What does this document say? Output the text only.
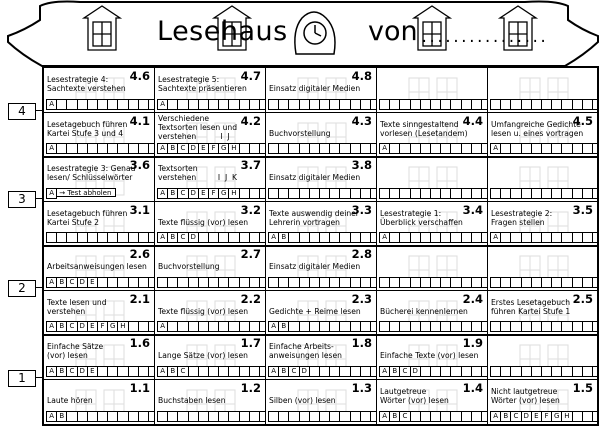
Lesehaus	von ................
4
3
2
1
4.6
Lesestrategie 4:
Sachtexte verstehen
A
4.7
Lesestrategie 5:
Sachtexte präsentieren
A
4.8
Einsatz digitaler Medien
4.1
Lesetagebuch führen
Kartei Stufe 3 und 4
A
4.2
Verschiedene
Textsorten lesen und
verstehen          I  J
A B C D E F G H
4.3
Buchvorstellung
4.4
Texte sinngestaltend
vorlesen (Lesetandem)
A
4.5
Umfangreiche Gedichte
lesen u. eines vortragen
A
3.6
Lesestrategie 3: Genau
lesen/ Schlüsselwörter
A → Test abholen
3.7
Textsorten
verstehen         I  J  K
A B C D E F G H
3.8
Einsatz digitaler Medien
3.1
Lesetagebuch führen
Kartei Stufe 2
3.2
Texte flüssig (vor) lesen
A B C D
3.3
Texte auswendig deiner
Lehrerin vortragen
A B
3.4
Lesestrategie 1:
Überblick verschaffen
A
3.5
Lesestrategie 2:
Fragen stellen
A
2.6
Arbeitsanweisungen lesen
A B C D E
2.7
Buchvorstellung
2.8
Einsatz digitaler Medien
2.1
Texte lesen und
verstehen
A B C D E F G H
2.2
Texte flüssig (vor) lesen
A
2.3
Gedichte + Reime lesen
A B
2.4
Bücherei kennenlernen
2.5
Erstes Lesetagebuch
führen Kartei Stufe 1
1.6
Einfache Sätze
(vor) lesen
A B C D E
1.7
Lange Sätze (vor) lesen
A B C
1.8
Einfache Arbeits-
anweisungen lesen
A B C D
1.9
Einfache Texte (vor) lesen
A B C D
1.1
Laute hören
A B
1.2
Buchstaben lesen
1.3
Silben (vor) lesen
1.4
Lautgetreue
Wörter (vor) lesen
A B C
1.5
Nicht lautgetreue
Wörter (vor) lesen
A B C D E F G H
